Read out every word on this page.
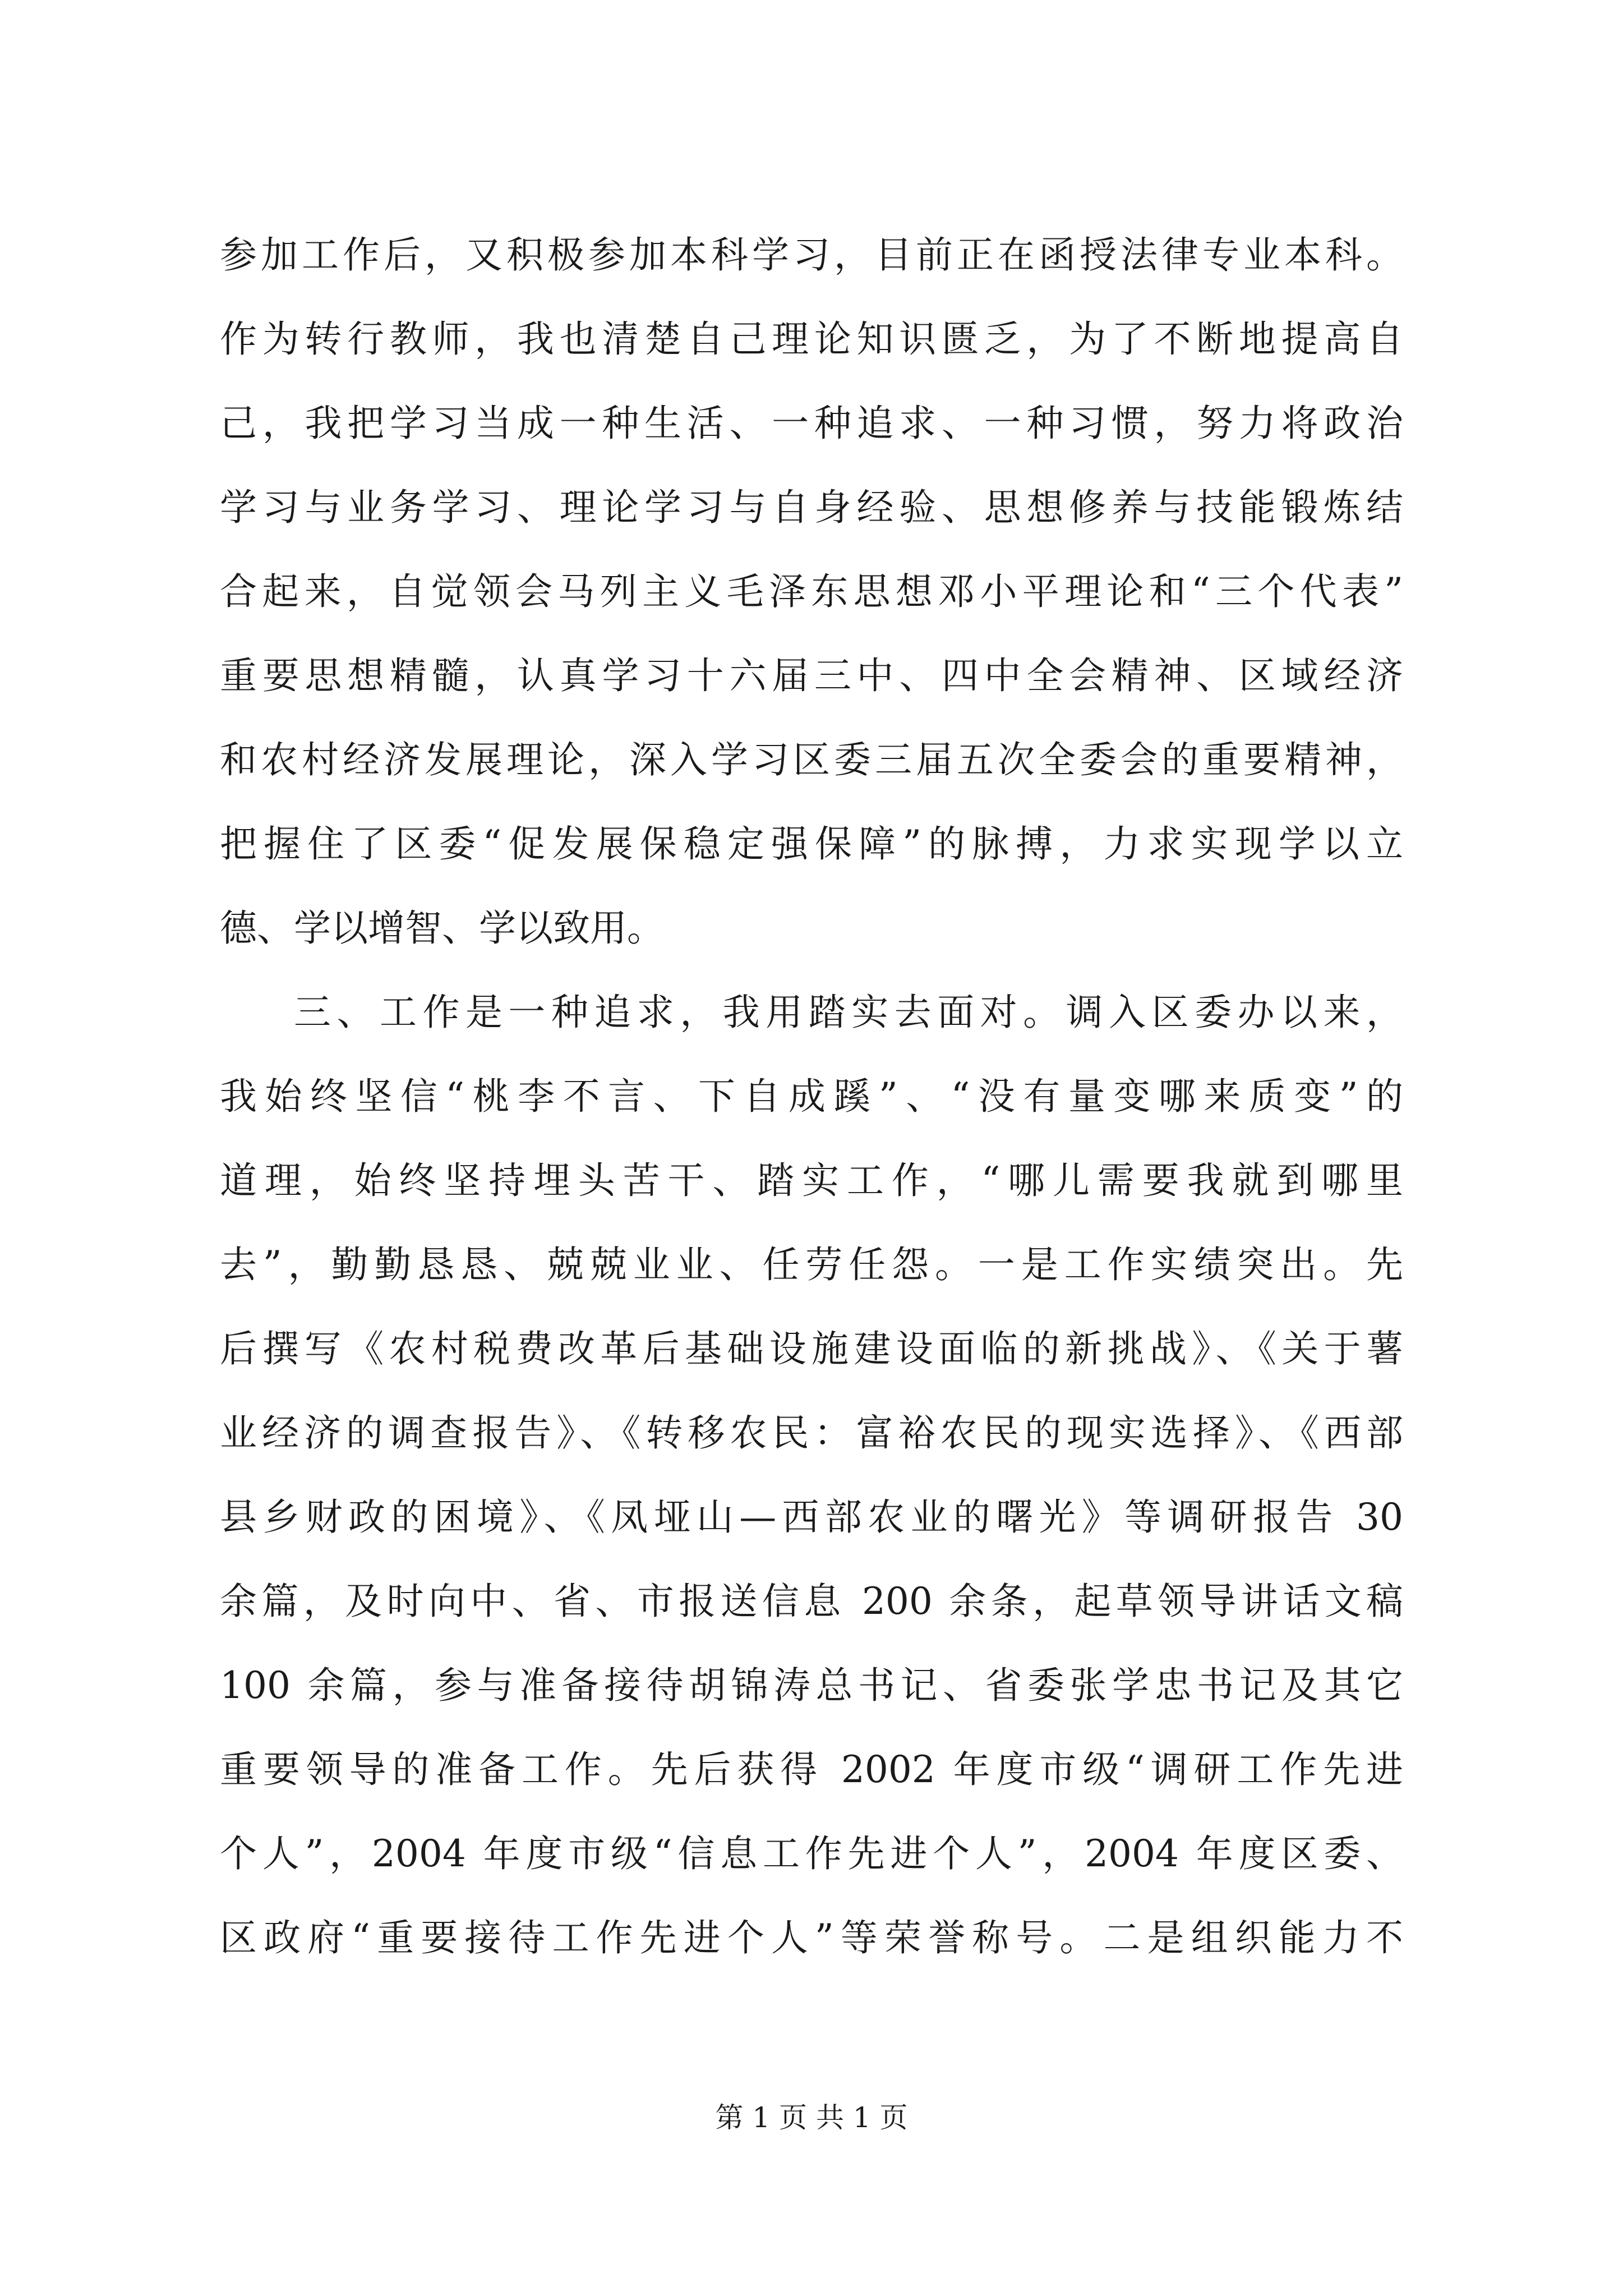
参加工作后，又积极参加本科学习，目前正在函授法律专业本科。
作为转行教师，我也清楚自己理论知识匮乏，为了不断地提高自
己，我把学习当成一种生活、一种追求、一种习惯，努力将政治
学习与业务学习、理论学习与自身经验、思想修养与技能锻炼结
合起来，自觉领会马列主义毛泽东思想邓小平理论和“三个代表”
重要思想精髓，认真学习十六届三中、四中全会精神、区域经济
和农村经济发展理论，深入学习区委三届五次全委会的重要精神，
把握住了区委“促发展保稳定强保障”的脉搏，力求实现学以立
德、学以增智、学以致用。
三、工作是一种追求，我用踏实去面对。调入区委办以来，
我始终坚信“桃李不言、下自成蹊”、“没有量变哪来质变”的
道理，始终坚持埋头苦干、踏实工作，“哪儿需要我就到哪里
去”，勤勤恳恳、兢兢业业、任劳任怨。一是工作实绩突出。先
后撰写《农村税费改革后基础设施建设面临的新挑战》、《关于薯
业经济的调查报告》、《转移农民：富裕农民的现实选择》、《西部
县乡财政的困境》、《凤垭山—西部农业的曙光》等调研报告 30
余篇，及时向中、省、市报送信息 200 余条，起草领导讲话文稿
100 余篇，参与准备接待胡锦涛总书记、省委张学忠书记及其它
重要领导的准备工作。先后获得 2002 年度市级“调研工作先进
个人”，2004 年度市级“信息工作先进个人”，2004 年度区委、
区政府“重要接待工作先进个人”等荣誉称号。二是组织能力不
第 1 页 共 1 页
